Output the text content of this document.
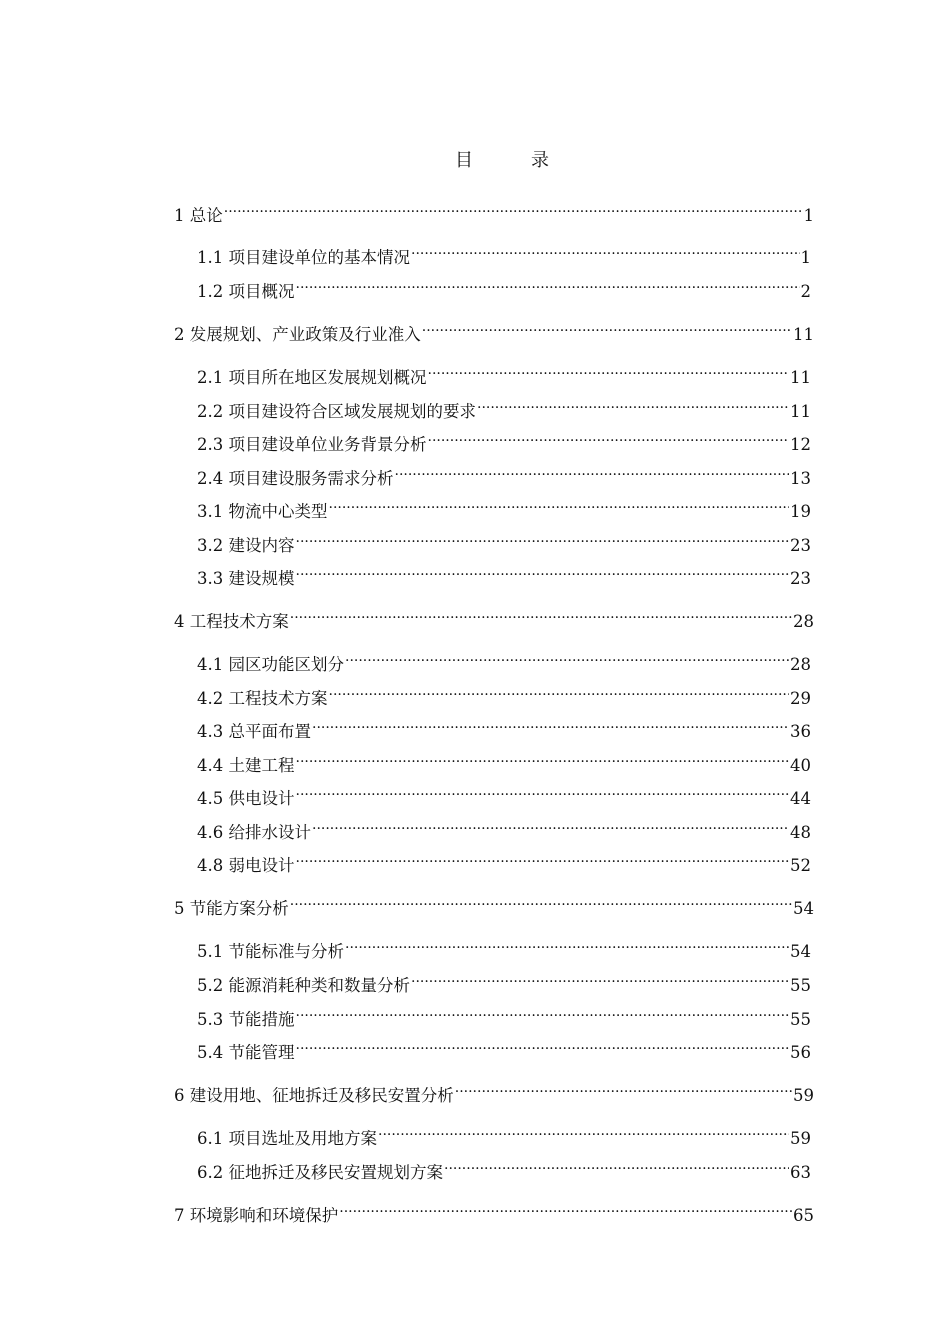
目　录
1 总论 .....	1
1.1 项目建设单位的基本情况 .....	1
1.2 项目概况 .....	2
2 发展规划、产业政策及行业准入 .....	11
2.1 项目所在地区发展规划概况 .....	11
2.2 项目建设符合区域发展规划的要求 .....	11
2.3 项目建设单位业务背景分析 .....	12
2.4 项目建设服务需求分析 .....	13
3.1 物流中心类型 .....	19
3.2 建设内容 .....	23
3.3 建设规模 .....	23
4 工程技术方案 .....	28
4.1 园区功能区划分 .....	28
4.2 工程技术方案 .....	29
4.3 总平面布置 .....	36
4.4 土建工程 .....	40
4.5 供电设计 .....	44
4.6 给排水设计 .....	48
4.8 弱电设计 .....	52
5 节能方案分析 .....	54
5.1 节能标准与分析 .....	54
5.2 能源消耗种类和数量分析 .....	55
5.3 节能措施 .....	55
5.4 节能管理 .....	56
6 建设用地、征地拆迁及移民安置分析 .....	59
6.1 项目选址及用地方案 .....	59
6.2 征地拆迁及移民安置规划方案 .....	63
7 环境影响和环境保护 .....	65
